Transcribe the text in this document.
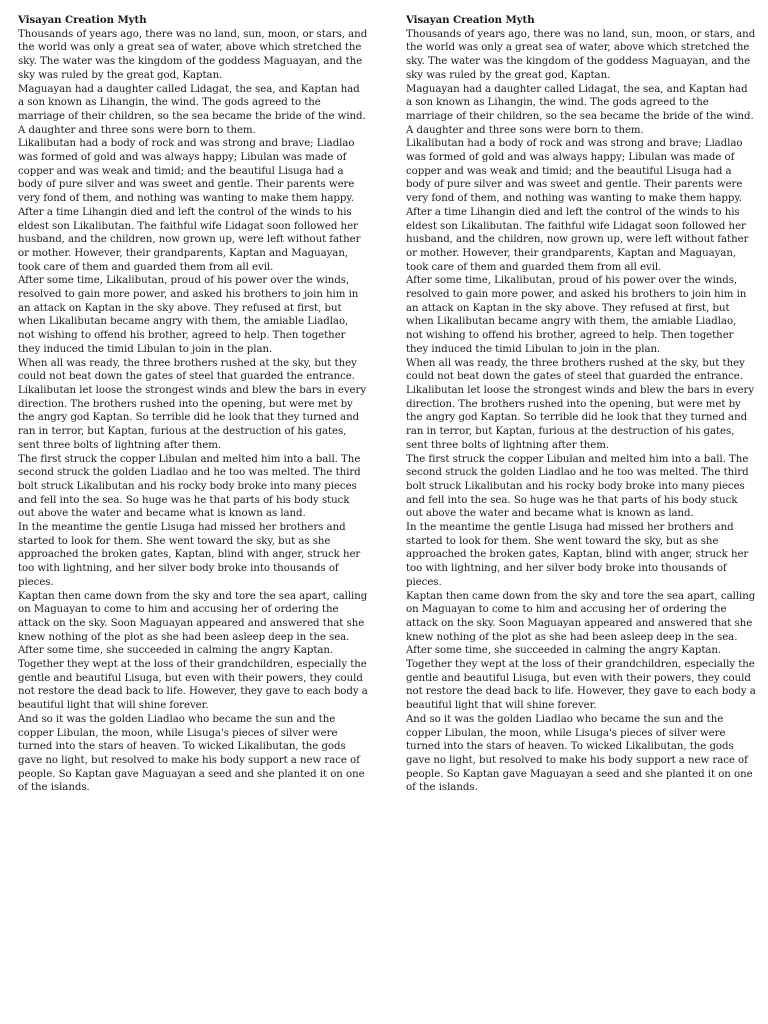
Visayan Creation Myth
Thousands of years ago, there was no land, sun, moon, or stars, and the world was only a great sea of water, above which stretched the sky. The water was the kingdom of the goddess Maguayan, and the sky was ruled by the great god, Kaptan.
Maguayan had a daughter called Lidagat, the sea, and Kaptan had a son known as Lihangin, the wind. The gods agreed to the marriage of their children, so the sea became the bride of the wind.
A daughter and three sons were born to them.
Likalibutan had a body of rock and was strong and brave; Liadlao was formed of gold and was always happy; Libulan was made of copper and was weak and timid; and the beautiful Lisuga had a body of pure silver and was sweet and gentle. Their parents were very fond of them, and nothing was wanting to make them happy.
After a time Lihangin died and left the control of the winds to his eldest son Likalibutan. The faithful wife Lidagat soon followed her husband, and the children, now grown up, were left without father or mother. However, their grandparents, Kaptan and Maguayan, took care of them and guarded them from all evil.
After some time, Likalibutan, proud of his power over the winds, resolved to gain more power, and asked his brothers to join him in an attack on Kaptan in the sky above. They refused at first, but when Likalibutan became angry with them, the amiable Liadlao, not wishing to offend his brother, agreed to help. Then together they induced the timid Libulan to join in the plan.
When all was ready, the three brothers rushed at the sky, but they could not beat down the gates of steel that guarded the entrance. Likalibutan let loose the strongest winds and blew the bars in every direction. The brothers rushed into the opening, but were met by the angry god Kaptan. So terrible did he look that they turned and ran in terror, but Kaptan, furious at the destruction of his gates, sent three bolts of lightning after them.
The first struck the copper Libulan and melted him into a ball. The second struck the golden Liadlao and he too was melted. The third bolt struck Likalibutan and his rocky body broke into many pieces and fell into the sea. So huge was he that parts of his body stuck out above the water and became what is known as land.
In the meantime the gentle Lisuga had missed her brothers and started to look for them. She went toward the sky, but as she approached the broken gates, Kaptan, blind with anger, struck her too with lightning, and her silver body broke into thousands of pieces.
Kaptan then came down from the sky and tore the sea apart, calling on Maguayan to come to him and accusing her of ordering the attack on the sky. Soon Maguayan appeared and answered that she knew nothing of the plot as she had been asleep deep in the sea. After some time, she succeeded in calming the angry Kaptan. Together they wept at the loss of their grandchildren, especially the gentle and beautiful Lisuga, but even with their powers, they could not restore the dead back to life. However, they gave to each body a beautiful light that will shine forever.
And so it was the golden Liadlao who became the sun and the copper Libulan, the moon, while Lisuga's pieces of silver were turned into the stars of heaven. To wicked Likalibutan, the gods gave no light, but resolved to make his body support a new race of people. So Kaptan gave Maguayan a seed and she planted it on one of the islands.
Visayan Creation Myth
Thousands of years ago, there was no land, sun, moon, or stars, and the world was only a great sea of water, above which stretched the sky. The water was the kingdom of the goddess Maguayan, and the sky was ruled by the great god, Kaptan.
Maguayan had a daughter called Lidagat, the sea, and Kaptan had a son known as Lihangin, the wind. The gods agreed to the marriage of their children, so the sea became the bride of the wind.
A daughter and three sons were born to them.
Likalibutan had a body of rock and was strong and brave; Liadlao was formed of gold and was always happy; Libulan was made of copper and was weak and timid; and the beautiful Lisuga had a body of pure silver and was sweet and gentle. Their parents were very fond of them, and nothing was wanting to make them happy.
After a time Lihangin died and left the control of the winds to his eldest son Likalibutan. The faithful wife Lidagat soon followed her husband, and the children, now grown up, were left without father or mother. However, their grandparents, Kaptan and Maguayan, took care of them and guarded them from all evil.
After some time, Likalibutan, proud of his power over the winds, resolved to gain more power, and asked his brothers to join him in an attack on Kaptan in the sky above. They refused at first, but when Likalibutan became angry with them, the amiable Liadlao, not wishing to offend his brother, agreed to help. Then together they induced the timid Libulan to join in the plan.
When all was ready, the three brothers rushed at the sky, but they could not beat down the gates of steel that guarded the entrance. Likalibutan let loose the strongest winds and blew the bars in every direction. The brothers rushed into the opening, but were met by the angry god Kaptan. So terrible did he look that they turned and ran in terror, but Kaptan, furious at the destruction of his gates, sent three bolts of lightning after them.
The first struck the copper Libulan and melted him into a ball. The second struck the golden Liadlao and he too was melted. The third bolt struck Likalibutan and his rocky body broke into many pieces and fell into the sea. So huge was he that parts of his body stuck out above the water and became what is known as land.
In the meantime the gentle Lisuga had missed her brothers and started to look for them. She went toward the sky, but as she approached the broken gates, Kaptan, blind with anger, struck her too with lightning, and her silver body broke into thousands of pieces.
Kaptan then came down from the sky and tore the sea apart, calling on Maguayan to come to him and accusing her of ordering the attack on the sky. Soon Maguayan appeared and answered that she knew nothing of the plot as she had been asleep deep in the sea. After some time, she succeeded in calming the angry Kaptan. Together they wept at the loss of their grandchildren, especially the gentle and beautiful Lisuga, but even with their powers, they could not restore the dead back to life. However, they gave to each body a beautiful light that will shine forever.
And so it was the golden Liadlao who became the sun and the copper Libulan, the moon, while Lisuga's pieces of silver were turned into the stars of heaven. To wicked Likalibutan, the gods gave no light, but resolved to make his body support a new race of people. So Kaptan gave Maguayan a seed and she planted it on one of the islands.
